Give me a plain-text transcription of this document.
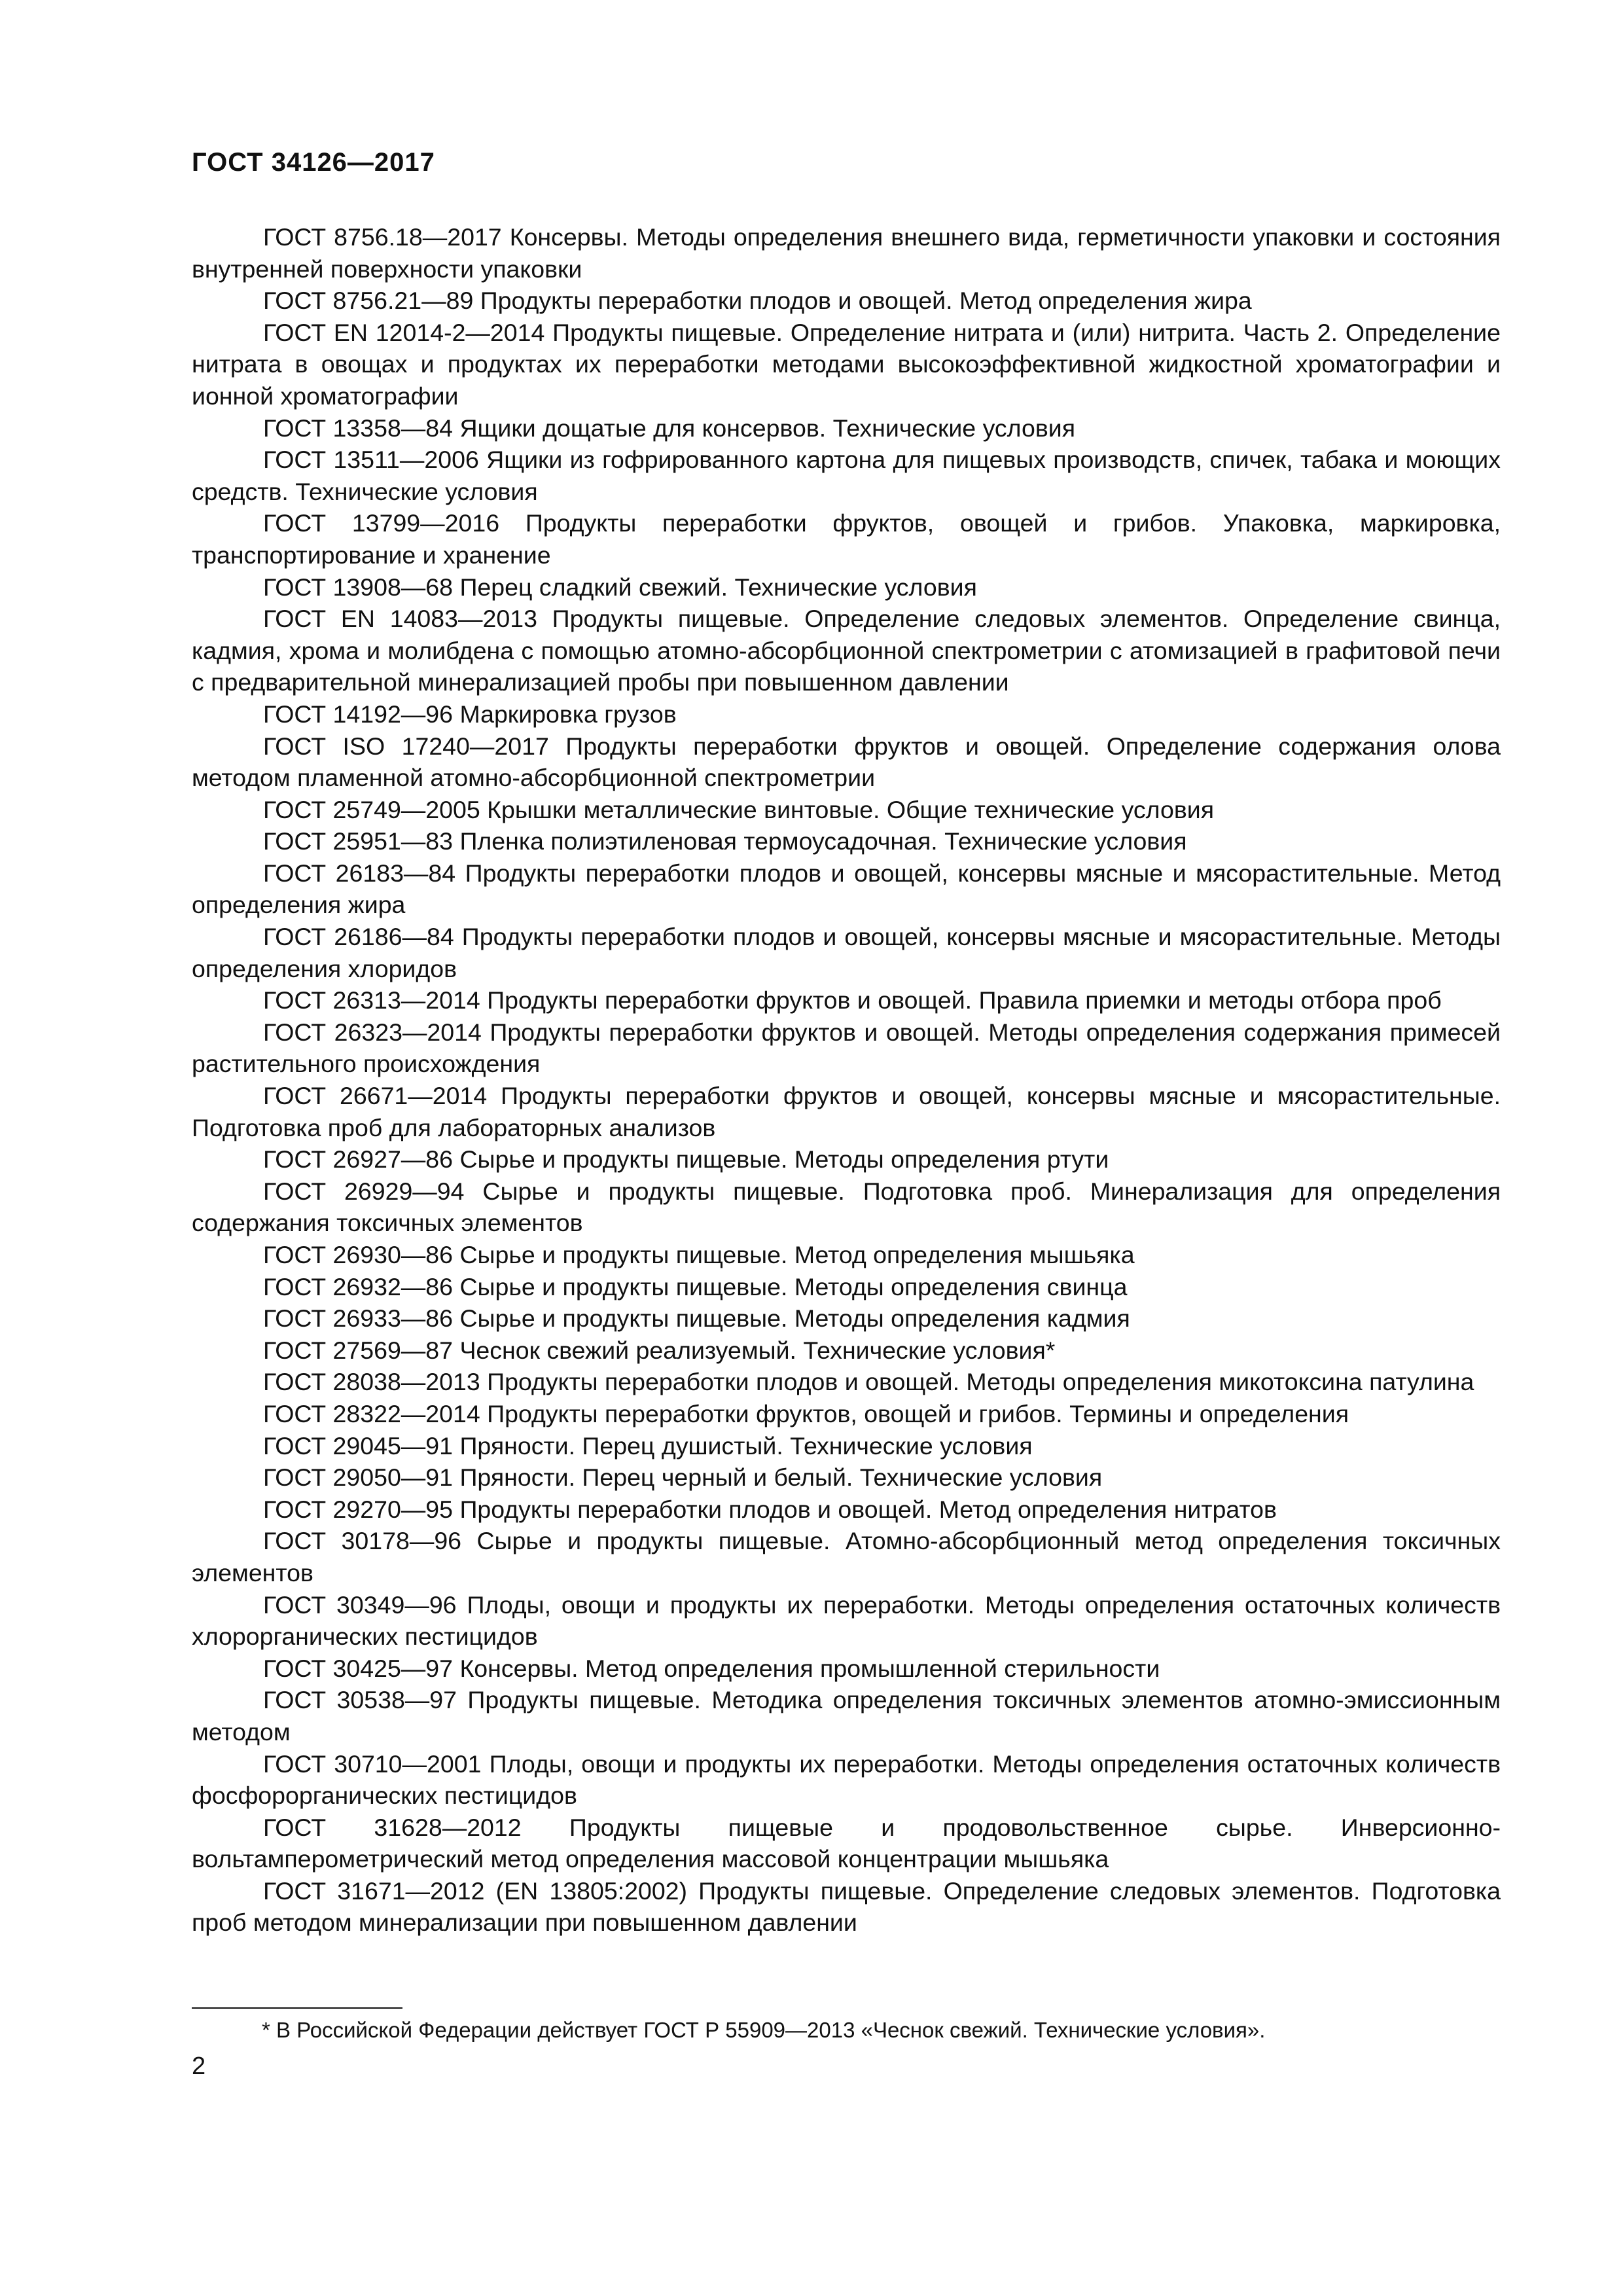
ГОСТ 34126—2017

ГОСТ 8756.18—2017 Консервы. Методы определения внешнего вида, герметичности упаковки и состояния внутренней поверхности упаковки

ГОСТ 8756.21—89 Продукты переработки плодов и овощей. Метод определения жира

ГОСТ EN 12014-2—2014 Продукты пищевые. Определение нитрата и (или) нитрита. Часть 2. Определение нитрата в овощах и продуктах их переработки методами высокоэффективной жидкостной хроматографии и ионной хроматографии

ГОСТ 13358—84 Ящики дощатые для консервов. Технические условия

ГОСТ 13511—2006 Ящики из гофрированного картона для пищевых производств, спичек, табака и моющих средств. Технические условия

ГОСТ 13799—2016 Продукты переработки фруктов, овощей и грибов. Упаковка, маркировка, транспортирование и хранение

ГОСТ 13908—68 Перец сладкий свежий. Технические условия

ГОСТ EN 14083—2013 Продукты пищевые. Определение следовых элементов. Определение свинца, кадмия, хрома и молибдена с помощью атомно-абсорбционной спектрометрии с атомизацией в графитовой печи с предварительной минерализацией пробы при повышенном давлении

ГОСТ 14192—96 Маркировка грузов

ГОСТ ISO 17240—2017 Продукты переработки фруктов и овощей. Определение содержания олова методом пламенной атомно-абсорбционной спектрометрии

ГОСТ 25749—2005 Крышки металлические винтовые. Общие технические условия

ГОСТ 25951—83 Пленка полиэтиленовая термоусадочная. Технические условия

ГОСТ 26183—84 Продукты переработки плодов и овощей, консервы мясные и мясорастительные. Метод определения жира

ГОСТ 26186—84 Продукты переработки плодов и овощей, консервы мясные и мясорастительные. Методы определения хлоридов

ГОСТ 26313—2014 Продукты переработки фруктов и овощей. Правила приемки и методы отбора проб

ГОСТ 26323—2014 Продукты переработки фруктов и овощей. Методы определения содержания примесей растительного происхождения

ГОСТ 26671—2014 Продукты переработки фруктов и овощей, консервы мясные и мясорастительные. Подготовка проб для лабораторных анализов

ГОСТ 26927—86 Сырье и продукты пищевые. Методы определения ртути

ГОСТ 26929—94 Сырье и продукты пищевые. Подготовка проб. Минерализация для определения содержания токсичных элементов

ГОСТ 26930—86 Сырье и продукты пищевые. Метод определения мышьяка

ГОСТ 26932—86 Сырье и продукты пищевые. Методы определения свинца

ГОСТ 26933—86 Сырье и продукты пищевые. Методы определения кадмия

ГОСТ 27569—87 Чеснок свежий реализуемый. Технические условия*

ГОСТ 28038—2013 Продукты переработки плодов и овощей. Методы определения микотоксина патулина

ГОСТ 28322—2014 Продукты переработки фруктов, овощей и грибов. Термины и определения

ГОСТ 29045—91 Пряности. Перец душистый. Технические условия

ГОСТ 29050—91 Пряности. Перец черный и белый. Технические условия

ГОСТ 29270—95 Продукты переработки плодов и овощей. Метод определения нитратов

ГОСТ 30178—96 Сырье и продукты пищевые. Атомно-абсорбционный метод определения токсичных элементов

ГОСТ 30349—96 Плоды, овощи и продукты их переработки. Методы определения остаточных количеств хлорорганических пестицидов

ГОСТ 30425—97 Консервы. Метод определения промышленной стерильности

ГОСТ 30538—97 Продукты пищевые. Методика определения токсичных элементов атомно-эмиссионным методом

ГОСТ 30710—2001 Плоды, овощи и продукты их переработки. Методы определения остаточных количеств фосфорорганических пестицидов

ГОСТ 31628—2012 Продукты пищевые и продовольственное сырье. Инверсионно-вольтамперометрический метод определения массовой концентрации мышьяка

ГОСТ 31671—2012 (EN 13805:2002) Продукты пищевые. Определение следовых элементов. Подготовка проб методом минерализации при повышенном давлении

* В Российской Федерации действует ГОСТ Р 55909—2013 «Чеснок свежий. Технические условия».
2
